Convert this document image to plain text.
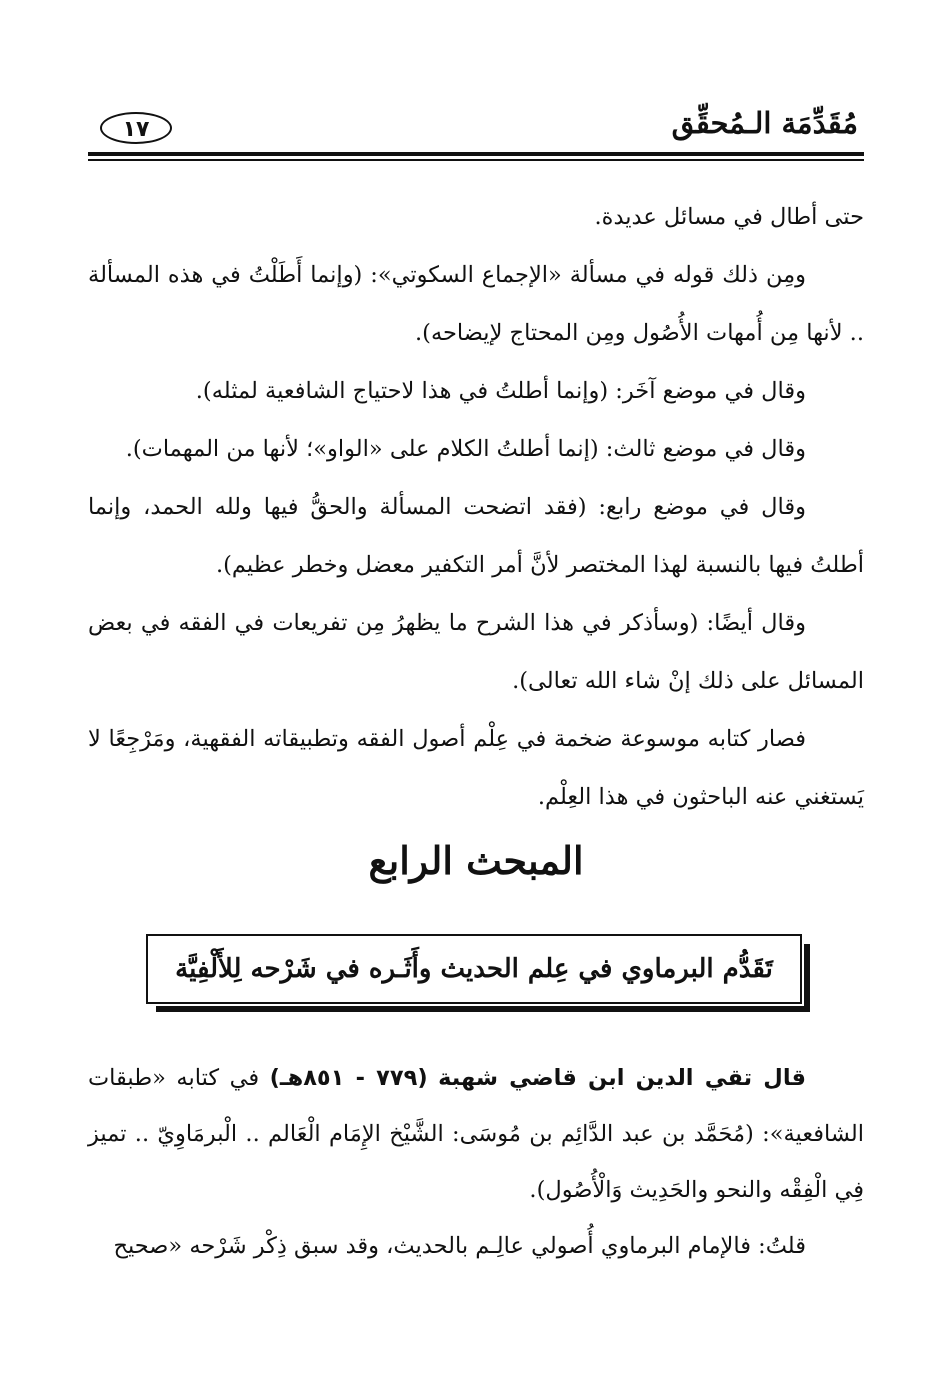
١٧	مُقَدِّمَة الـمُحقِّق

حتى أطال في مسائل عديدة.

ومِن ذلك قوله في مسألة «الإجماع السكوتي»: (وإنما أَطَلْتُ في هذه المسألة .. لأنها مِن أُمهات الأُصُول ومِن المحتاج لإيضاحه).

وقال في موضع آخَر: (وإنما أطلتُ في هذا لاحتياج الشافعية لمثله).

وقال في موضع ثالث: (إنما أطلتُ الكلام على «الواو»؛ لأنها من المهمات).

وقال في موضع رابع: (فقد اتضحت المسألة والحقُّ فيها ولله الحمد، وإنما أطلتُ فيها بالنسبة لهذا المختصر لأنَّ أمر التكفير معضل وخطر عظيم).

وقال أيضًا: (وسأذكر في هذا الشرح ما يظهرُ مِن تفريعات في الفقه في بعض المسائل على ذلك إنْ شاء الله تعالى).

فصار كتابه موسوعة ضخمة في عِلْم أصول الفقه وتطبيقاته الفقهية، ومَرْجِعًا لا يَستغني عنه الباحثون في هذا العِلْم.

المبحث الرابع
تَقَدُّم البرماوي في عِلم الحديث وأَثَـره في شَرْحه لِلأَلْفِيَّة

قال تقي الدين ابن قاضي شهبة (٧٧٩ - ٨٥١هـ) في كتابه «طبقات الشافعية»: (مُحَمَّد بن عبد الدَّائِم بن مُوسَى: الشَّيْخ الإِمَام الْعَالم .. الْبرمَاوِيّ .. تميز فِي الْفِقْه والنحو والحَدِيث وَالْأُصُول).

قلتُ: فالإمام البرماوي أُصولي عالِـم بالحديث، وقد سبق ذِكْر شَرْحه «صحيح
